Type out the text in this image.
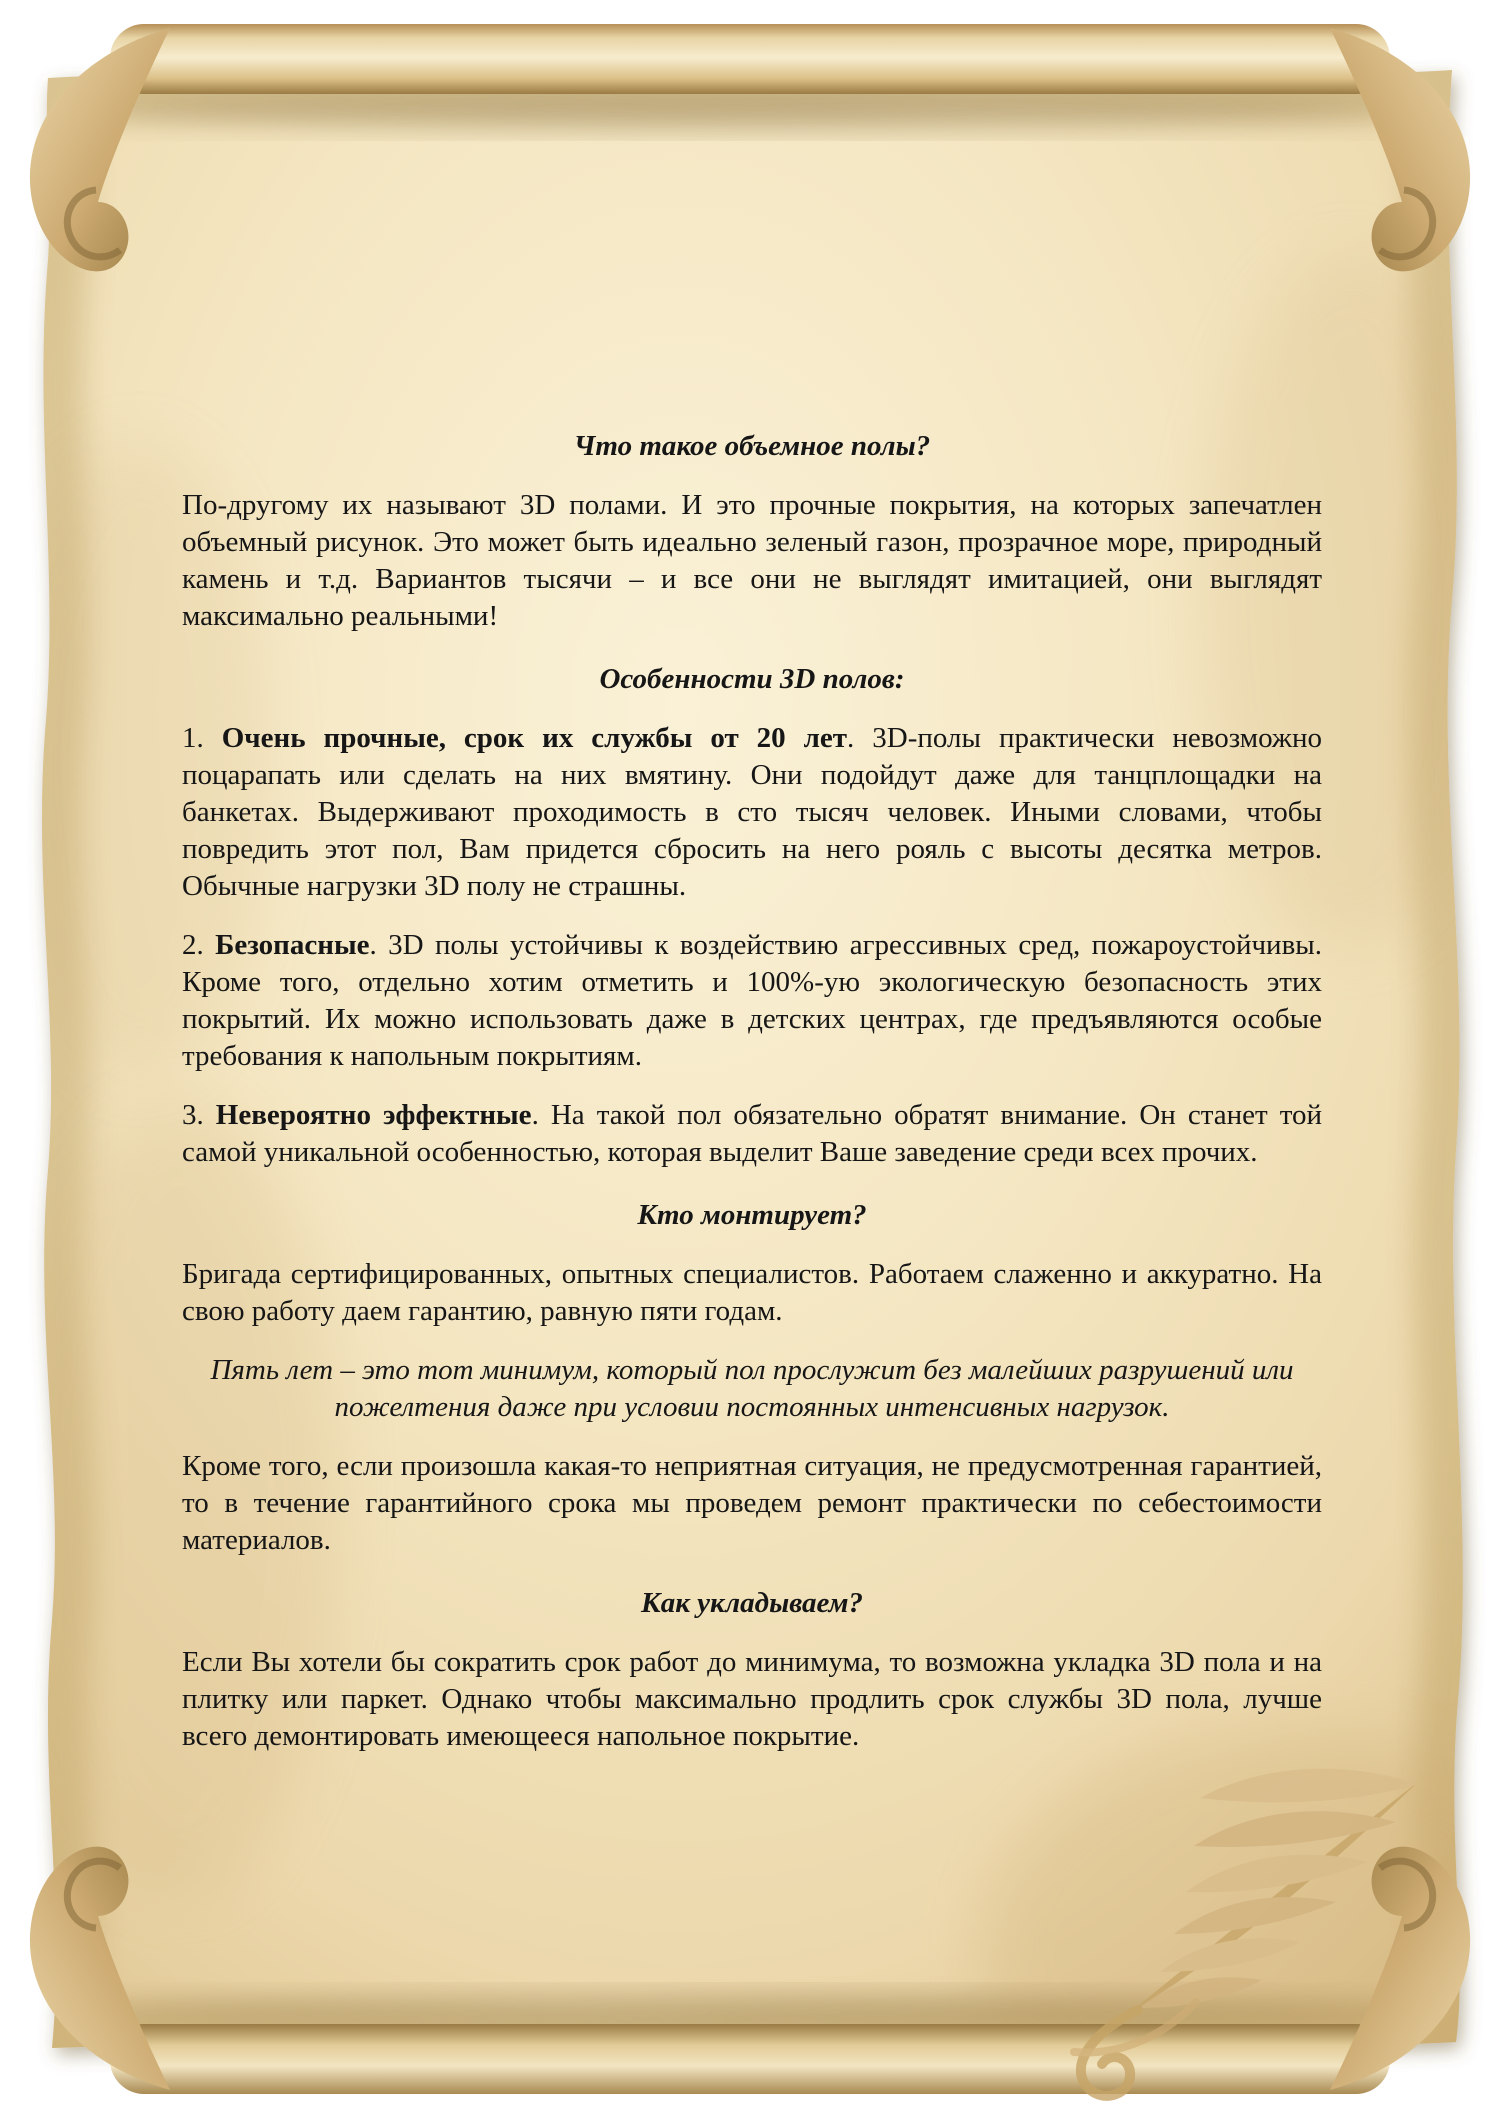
Что такое объемное полы?

По-другому их называют 3D полами. И это прочные покрытия, на которых запечатлен объемный рисунок. Это может быть идеально зеленый газон, прозрачное море, природный камень и т.д. Вариантов тысячи – и все они не выглядят имитацией, они выглядят максимально реальными!

Особенности 3D полов:

1. Очень прочные, срок их службы от 20 лет. 3D-полы практически невозможно поцарапать или сделать на них вмятину. Они подойдут даже для танцплощадки на банкетах. Выдерживают проходимость в сто тысяч человек. Иными словами, чтобы повредить этот пол, Вам придется сбросить на него рояль с высоты десятка метров. Обычные нагрузки 3D полу не страшны.

2. Безопасные. 3D полы устойчивы к воздействию агрессивных сред, пожароустойчивы. Кроме того, отдельно хотим отметить и 100%-ую экологическую безопасность этих покрытий. Их можно использовать даже в детских центрах, где предъявляются особые требования к напольным покрытиям.

3. Невероятно эффектные. На такой пол обязательно обратят внимание. Он станет той самой уникальной особенностью, которая выделит Ваше заведение среди всех прочих.

Кто монтирует?

Бригада сертифицированных, опытных специалистов. Работаем слаженно и аккуратно. На свою работу даем гарантию, равную пяти годам.

Пять лет – это тот минимум, который пол прослужит без малейших разрушений или пожелтения даже при условии постоянных интенсивных нагрузок.

Кроме того, если произошла какая-то неприятная ситуация, не предусмотренная гарантией, то в течение гарантийного срока мы проведем ремонт практически по себестоимости материалов.

Как укладываем?

Если Вы хотели бы сократить срок работ до минимума, то возможна укладка 3D пола и на плитку или паркет. Однако чтобы максимально продлить срок службы 3D пола, лучше всего демонтировать имеющееся напольное покрытие.
